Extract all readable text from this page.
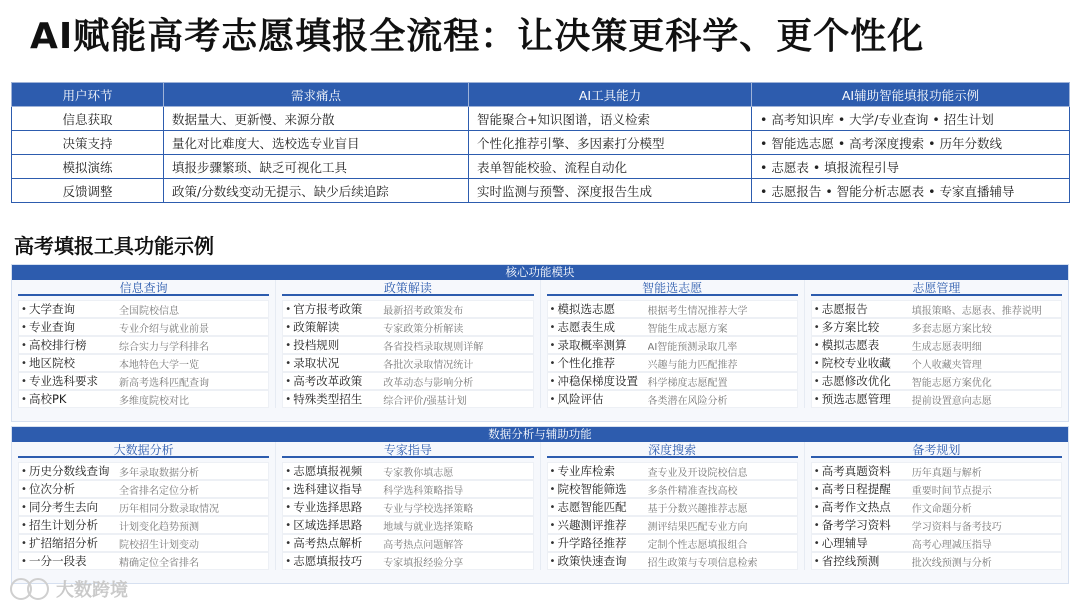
AI赋能高考志愿填报全流程：让决策更科学、更个性化
用户环节	需求痛点	AI工具能力	AI辅助智能填报功能示例
信息获取	数据量大、更新慢、来源分散	智能聚合+知识图谱，语义检索	• 高考知识库 • 大学/专业查询 • 招生计划
决策支持	量化对比难度大、选校选专业盲目	个性化推荐引擎、多因素打分模型	• 智能选志愿 • 高考深度搜索 • 历年分数线
模拟演练	填报步骤繁琐、缺乏可视化工具	表单智能校验、流程自动化	• 志愿表 • 填报流程引导
反馈调整	政策/分数线变动无提示、缺少后续追踪	实时监测与预警、深度报告生成	• 志愿报告 • 智能分析志愿表 • 专家直播辅导
高考填报工具功能示例
核心功能模块
信息查询
• 大学查询	全国院校信息
• 专业查询	专业介绍与就业前景
• 高校排行榜	综合实力与学科排名
• 地区院校	本地特色大学一览
• 专业选科要求	新高考选科匹配查询
• 高校PK	多维度院校对比
政策解读
• 官方报考政策	最新招考政策发布
• 政策解读	专家政策分析解读
• 投档规则	各省投档录取规则详解
• 录取状况	各批次录取情况统计
• 高考改革政策	改革动态与影响分析
• 特殊类型招生	综合评价/强基计划
智能选志愿
• 模拟选志愿	根据考生情况推荐大学
• 志愿表生成	智能生成志愿方案
• 录取概率测算	AI智能预测录取几率
• 个性化推荐	兴趣与能力匹配推荐
• 冲稳保梯度设置 科学梯度志愿配置
• 风险评估	各类潜在风险分析
志愿管理
• 志愿报告	填报策略、志愿表、推荐说明
• 多方案比较	多套志愿方案比较
• 模拟志愿表	生成志愿表明细
• 院校专业收藏	个人收藏夹管理
• 志愿修改优化	智能志愿方案优化
• 预选志愿管理	提前设置意向志愿
数据分析与辅助功能
大数据分析
• 历史分数线查询 多年录取数据分析
• 位次分析	全省排名定位分析
• 同分考生去向	历年相同分数录取情况
• 招生计划分析	计划变化趋势预测
• 扩招缩招分析	院校招生计划变动
• 一分一段表	精确定位全省排名
专家指导
• 志愿填报视频	专家教你填志愿
• 选科建议指导	科学选科策略指导
• 专业选择思路	专业与学校选择策略
• 区域选择思路	地域与就业选择策略
• 高考热点解析	高考热点问题解答
• 志愿填报技巧	专家填报经验分享
深度搜索
• 专业库检索	查专业及开设院校信息
• 院校智能筛选	多条件精准查找高校
• 志愿智能匹配	基于分数兴趣推荐志愿
• 兴趣测评推荐	测评结果匹配专业方向
• 升学路径推荐	定制个性志愿填报组合
• 政策快速查询	招生政策与专项信息检索
备考规划
• 高考真题资料	历年真题与解析
• 高考日程提醒	重要时间节点提示
• 高考作文热点	作文命题分析
• 备考学习资料	学习资料与备考技巧
• 心理辅导	高考心理减压指导
• 省控线预测	批次线预测与分析
大数跨境
